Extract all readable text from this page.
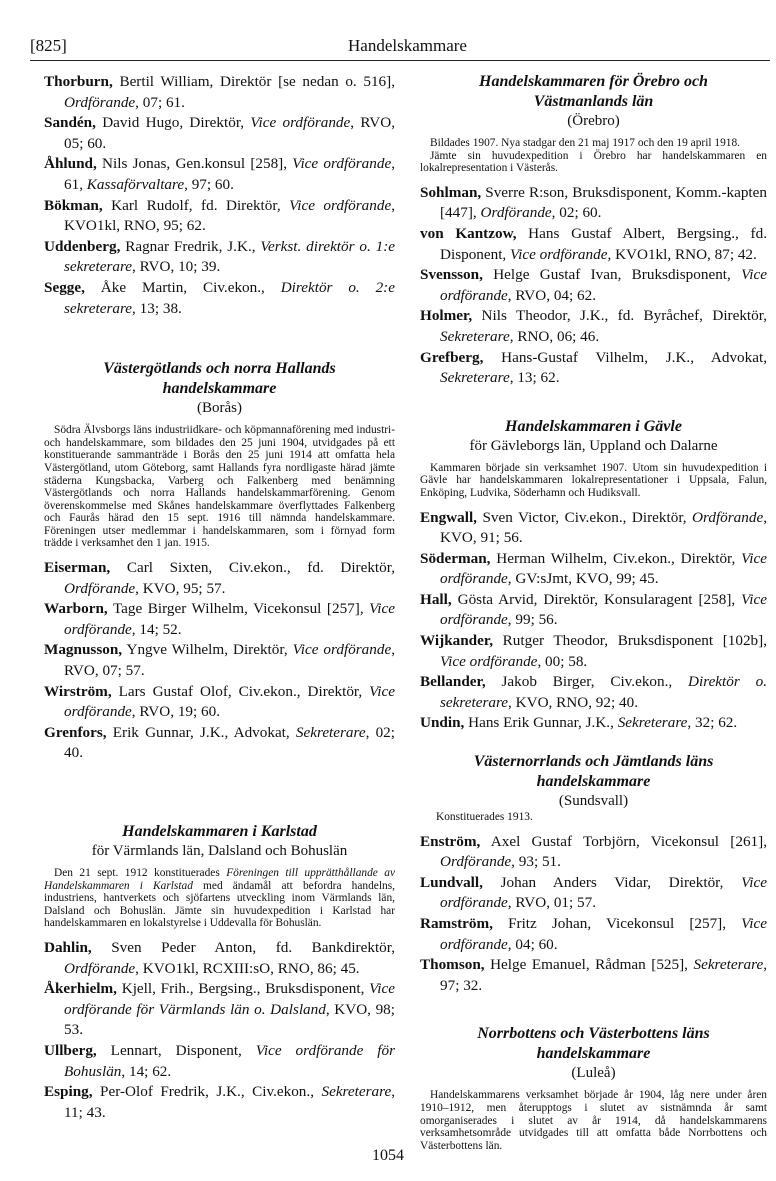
[825]	Handelskammare

Thorburn, Bertil William, Direktör [se nedan o. 516], Ordförande, 07; 61.

Sandén, David Hugo, Direktör, Vice ordförande, RVO, 05; 60.

Åhlund, Nils Jonas, Gen.konsul [258], Vice ordförande, 61, Kassaförvaltare, 97; 60.

Bökman, Karl Rudolf, fd. Direktör, Vice ordförande, KVO1kl, RNO, 95; 62.

Uddenberg, Ragnar Fredrik, J.K., Verkst. direktör o. 1:e sekreterare, RVO, 10; 39.

Segge, Åke Martin, Civ.ekon., Direktör o. 2:e sekreterare, 13; 38.

Västergötlands och norra Hallands

handelskammare

(Borås)

Södra Älvsborgs läns industriidkare- och köpmannaförening med industri- och handelskammare, som bildades den 25 juni 1904, utvidgades på ett konstituerande sammanträde i Borås den 25 juni 1914 att omfatta hela Västergötland, utom Göteborg, samt Hallands fyra nordligaste härad jämte städerna Kungsbacka, Varberg och Falkenberg med benämning Västergötlands och norra Hallands handelskammarförening. Genom överenskommelse med Skånes handelskammare överflyttades Falkenberg och Faurås härad den 15 sept. 1916 till nämnda handelskammare. Föreningen utser medlemmar i handelskammaren, som i förnyad form trädde i verksamhet den 1 jan. 1915.

Eiserman, Carl Sixten, Civ.ekon., fd. Direktör, Ordförande, KVO, 95; 57.

Warborn, Tage Birger Wilhelm, Vicekonsul [257], Vice ordförande, 14; 52.

Magnusson, Yngve Wilhelm, Direktör, Vice ordförande, RVO, 07; 57.

Wirström, Lars Gustaf Olof, Civ.ekon., Direktör, Vice ordförande, RVO, 19; 60.

Grenfors, Erik Gunnar, J.K., Advokat, Sekreterare, 02; 40.

Handelskammaren i Karlstad

för Värmlands län, Dalsland och Bohuslän

Den 21 sept. 1912 konstituerades Föreningen till upprätthållande av Handelskammaren i Karlstad med ändamål att befordra handelns, industriens, hantverkets och sjöfartens utveckling inom Värmlands län, Dalsland och Bohuslän. Jämte sin huvudexpedition i Karlstad har handelskammaren en lokalstyrelse i Uddevalla för Bohuslän.

Dahlin, Sven Peder Anton, fd. Bankdirektör, Ordförande, KVO1kl, RCXIII:sO, RNO, 86; 45.

Åkerhielm, Kjell, Frih., Bergsing., Bruksdisponent, Vice ordförande för Värmlands län o. Dalsland, KVO, 98; 53.

Ullberg, Lennart, Disponent, Vice ordförande för Bohuslän, 14; 62.

Esping, Per-Olof Fredrik, J.K., Civ.ekon., Sekreterare, 11; 43.

Handelskammaren för Örebro och

Västmanlands län

(Örebro)

Bildades 1907. Nya stadgar den 21 maj 1917 och den 19 april 1918.

Jämte sin huvudexpedition i Örebro har handelskammaren en lokalrepresentation i Västerås.

Sohlman, Sverre R:son, Bruksdisponent, Komm.-kapten [447], Ordförande, 02; 60.

von Kantzow, Hans Gustaf Albert, Bergsing., fd. Disponent, Vice ordförande, KVO1kl, RNO, 87; 42.

Svensson, Helge Gustaf Ivan, Bruksdisponent, Vice ordförande, RVO, 04; 62.

Holmer, Nils Theodor, J.K., fd. Byråchef, Direktör, Sekreterare, RNO, 06; 46.

Grefberg, Hans-Gustaf Vilhelm, J.K., Advokat, Sekreterare, 13; 62.

Handelskammaren i Gävle

för Gävleborgs län, Uppland och Dalarne

Kammaren började sin verksamhet 1907. Utom sin huvudexpedition i Gävle har handelskammaren lokalrepresentationer i Uppsala, Falun, Enköping, Ludvika, Söderhamn och Hudiksvall.

Engwall, Sven Victor, Civ.ekon., Direktör, Ordförande, KVO, 91; 56.

Söderman, Herman Wilhelm, Civ.ekon., Direktör, Vice ordförande, GV:sJmt, KVO, 99; 45.

Hall, Gösta Arvid, Direktör, Konsularagent [258], Vice ordförande, 99; 56.

Wijkander, Rutger Theodor, Bruksdisponent [102b], Vice ordförande, 00; 58.

Bellander, Jakob Birger, Civ.ekon., Direktör o. sekreterare, KVO, RNO, 92; 40.

Undin, Hans Erik Gunnar, J.K., Sekreterare, 32; 62.

Västernorrlands och Jämtlands läns

handelskammare

(Sundsvall)

Konstituerades 1913.

Enström, Axel Gustaf Torbjörn, Vicekonsul [261], Ordförande, 93; 51.

Lundvall, Johan Anders Vidar, Direktör, Vice ordförande, RVO, 01; 57.

Ramström, Fritz Johan, Vicekonsul [257], Vice ordförande, 04; 60.

Thomson, Helge Emanuel, Rådman [525], Sekreterare, 97; 32.

Norrbottens och Västerbottens läns

handelskammare

(Luleå)

Handelskammarens verksamhet började år 1904, låg nere under åren 1910–1912, men återupptogs i slutet av sistnämnda år samt omorganiserades i slutet av år 1914, då handelskammarens verksamhetsområde utvidgades till att omfatta både Norrbottens och Västerbottens län.

1054
